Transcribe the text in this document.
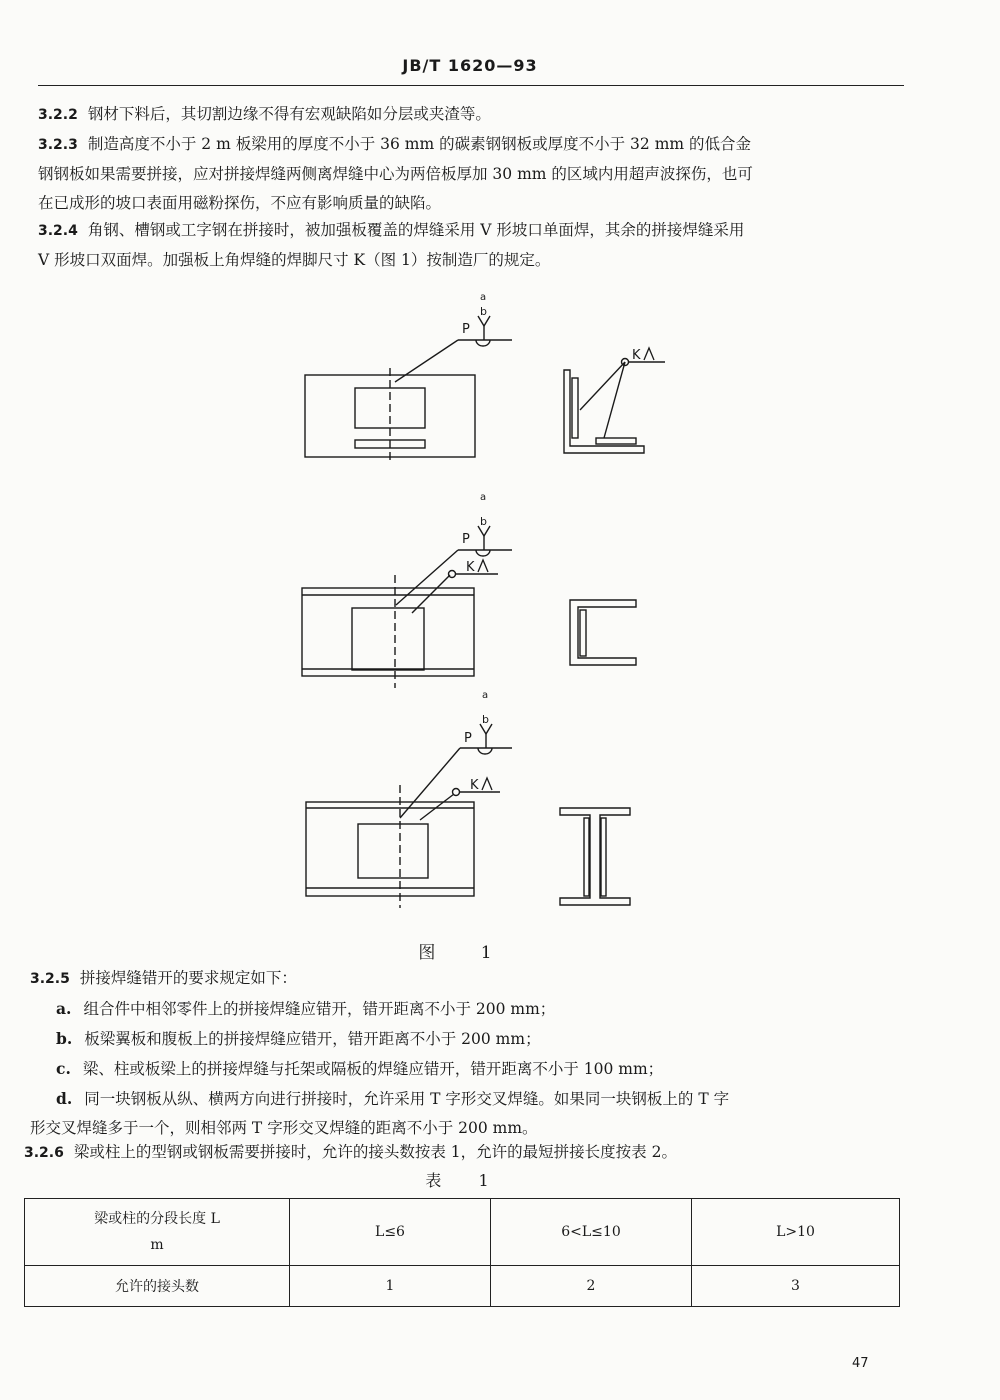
JB/T 1620—93

3.2.2 钢材下料后，其切割边缘不得有宏观缺陷如分层或夹渣等。

3.2.3 制造高度不小于 2 m 板梁用的厚度不小于 36 mm 的碳素钢钢板或厚度不小于 32 mm 的低合金
钢钢板如果需要拼接，应对拼接焊缝两侧离焊缝中心为两倍板厚加 30 mm 的区域内用超声波探伤，也可
在已成形的坡口表面用磁粉探伤，不应有影响质量的缺陷。
3.2.4 角钢、槽钢或工字钢在拼接时，被加强板覆盖的焊缝采用 V 形坡口单面焊，其余的拼接焊缝采用
V 形坡口双面焊。加强板上角焊缝的焊脚尺寸 K（图 1）按制造厂的规定。
P
a
b
K
P
a
b
K
P
a
b
K
图 1
3.2.5 拼接焊缝错开的要求规定如下：
a. 组合件中相邻零件上的拼接焊缝应错开，错开距离不小于 200 mm；
b. 板梁翼板和腹板上的拼接焊缝应错开，错开距离不小于 200 mm；
c. 梁、柱或板梁上的拼接焊缝与托架或隔板的焊缝应错开，错开距离不小于 100 mm；
d. 同一块钢板从纵、横两方向进行拼接时，允许采用 T 字形交叉焊缝。如果同一块钢板上的 T 字
形交叉焊缝多于一个，则相邻两 T 字形交叉焊缝的距离不小于 200 mm。

3.2.6 梁或柱上的型钢或钢板需要拼接时，允许的接头数按表 1，允许的最短拼接长度按表 2。

表 1
梁或柱的分段长度 L
m	L≤6	6<L≤10	L>10
允许的接头数	1	2	3
47
